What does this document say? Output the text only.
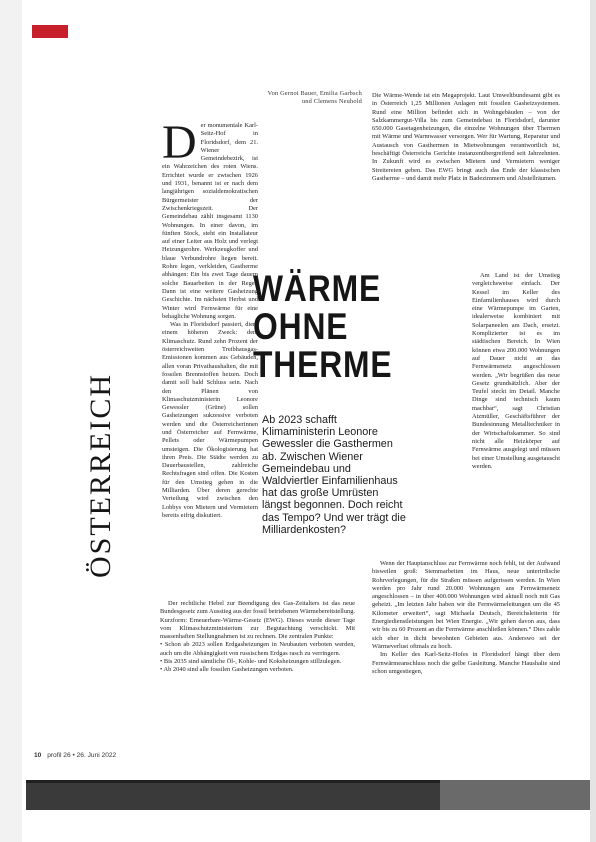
ÖSTERREICH
Von Gernot Bauer, Emilia Garbsch
und Clemens Neuhold

D er monumentale Karl-Seitz-Hof in Floridsdorf, dem 21. Wiener Gemeindebezirk, ist ein Wahrzeichen des roten Wiens. Errichtet wurde er zwischen 1926 und 1931, benannt ist er nach dem langjährigen sozialdemokratischen Bürgermeister der Zwischenkriegszeit. Der Gemeindebau zählt insgesamt 1130 Wohnungen. In einer davon, im fünften Stock, steht ein Installateur auf einer Leiter aus Holz und verlegt Heizungsrohre. Werkzeugkoffer und blaue Verbundrohre liegen bereit. Rohre legen, verkleiden, Gastherme abhängen: Ein bis zwei Tage dauern solche Bauarbeiten in der Regel. Dann ist eine weitere Gasheizung Geschichte. Im nächsten Herbst und Winter wird Fernwärme für eine behagliche Wohnung sorgen.

Was in Floridsdorf passiert, dient einem höheren Zweck: dem Klimaschutz. Rund zehn Prozent der österreichweiten Treibhausgas-Emissionen kommen aus Gebäuden, allen voran Privathaushalten, die mit fossilen Brennstoffen heizen. Doch damit soll bald Schluss sein. Nach den Plänen von Klimaschutzministerin Leonore Gewessler (Grüne) sollen Gasheizungen sukzessive verboten werden und die Österreicherinnen und Österreicher auf Fernwärme, Pellets oder Wärmepumpen umsteigen. Die Ökologisierung hat ihren Preis. Die Städte werden zu Dauerbaustellen, zahlreiche Rechtsfragen sind offen. Die Kosten für den Umstieg gehen in die Milliarden. Über deren gerechte Verteilung wird zwischen den Lobbys von Mietern und Vermietern bereits eifrig diskutiert.

Der rechtliche Hebel zur Beendigung des Gas-Zeitalters ist das neue Bundesgesetz zum Ausstieg aus der fossil betriebenen Wärmebereitstellung. Kurzform: Erneuerbare-Wärme-Gesetz (EWG). Dieses wurde dieser Tage vom Klimaschutzministerium zur Begutachtung verschickt. Mit massenhaften Stellungnahmen ist zu rechnen. Die zentralen Punkte:

• Schon ab 2023 sollen Erdgasheizungen in Neubauten verboten werden, auch um die Abhängigkeit von russischem Erdgas rasch zu verringern.
• Bis 2035 sind sämtliche Öl-, Kohle- und Koksheizungen stillzulegen.
• Ab 2040 sind alle fossilen Gasheizungen verboten.
WÄRME
OHNE
THERME
Ab 2023 schafft Klimaministerin Leonore Gewessler die Gasthermen ab. Zwischen Wiener Gemeindebau und Waldviertler Einfamilienhaus hat das große Umrüsten längst begonnen. Doch reicht das Tempo? Und wer trägt die Milliardenkosten?

Die Wärme-Wende ist ein Megaprojekt. Laut Umweltbundesamt gibt es in Österreich 1,25 Millionen Anlagen mit fossilen Gasheizsystemen. Rund eine Million befindet sich in Wohngebäuden – von der Salzkammergut-Villa bis zum Gemeindebau in Floridsdorf, darunter 650.000 Gasetagenheizungen, die einzelne Wohnungen über Thermen mit Wärme und Warmwasser versorgen. Wer für Wartung, Reparatur und Austausch von Gasthermen in Mietwohnungen verantwortlich ist, beschäftigt Österreichs Gerichte instanzenübergreifend seit Jahrzehnten. In Zukunft wird es zwischen Mietern und Vermietern weniger Streitereien geben. Das EWG bringt auch das Ende der klassischen Gastherme – und damit mehr Platz in Badezimmern und Abstellräumen.

Am Land ist der Umstieg vergleichsweise einfach. Der Kessel im Keller des Einfamilienhauses wird durch eine Wärmepumpe im Garten, idealerweise kombiniert mit Solarpaneelen am Dach, ersetzt. Komplizierter ist es im städtischen Bereich. In Wien können etwa 200.000 Wohnungen auf Dauer nicht an das Fernwärmenetz angeschlossen werden. „Wir begrüßen das neue Gesetz grundsätzlich. Aber der Teufel steckt im Detail. Manche Dinge sind technisch kaum machbar“, sagt Christian Atzmüller, Geschäftsführer der Bundesinnung Metalltechniker in der Wirtschaftskammer. So sind nicht alle Heizkörper auf Fernwärme ausgelegt und müssen bei einer Umstellung ausgetauscht werden.

Wenn der Hauptanschluss zur Fernwärme noch fehlt, ist der Aufwand bisweilen groß: Stemmarbeiten im Haus, neue unterirdische Rohrverlegungen, für die Straßen müssen aufgerissen werden. In Wien werden pro Jahr rund 20.000 Wohnungen ans Fernwärmenetz angeschlossen – in über 400.000 Wohnungen wird aktuell noch mit Gas geheizt. „Im letzten Jahr haben wir die Fernwärmeleitungen um die 45 Kilometer erweitert“, sagt Michaela Deutsch, Bereichsleiterin für Energiedienstleistungen bei Wien Energie. „Wir gehen davon aus, dass wir bis zu 60 Prozent an die Fernwärme anschließen können.“ Dies zahle sich eher in dicht bewohnten Gebieten aus. Anderswo sei der Wärmeverlust oftmals zu hoch.

Im Keller des Karl-Seitz-Hofes in Floridsdorf hängt über dem Fernwärmeanschluss noch die gelbe Gasleitung. Manche Haushalte sind schon umgestiegen,

10 profil 26 • 26. Juni 2022
